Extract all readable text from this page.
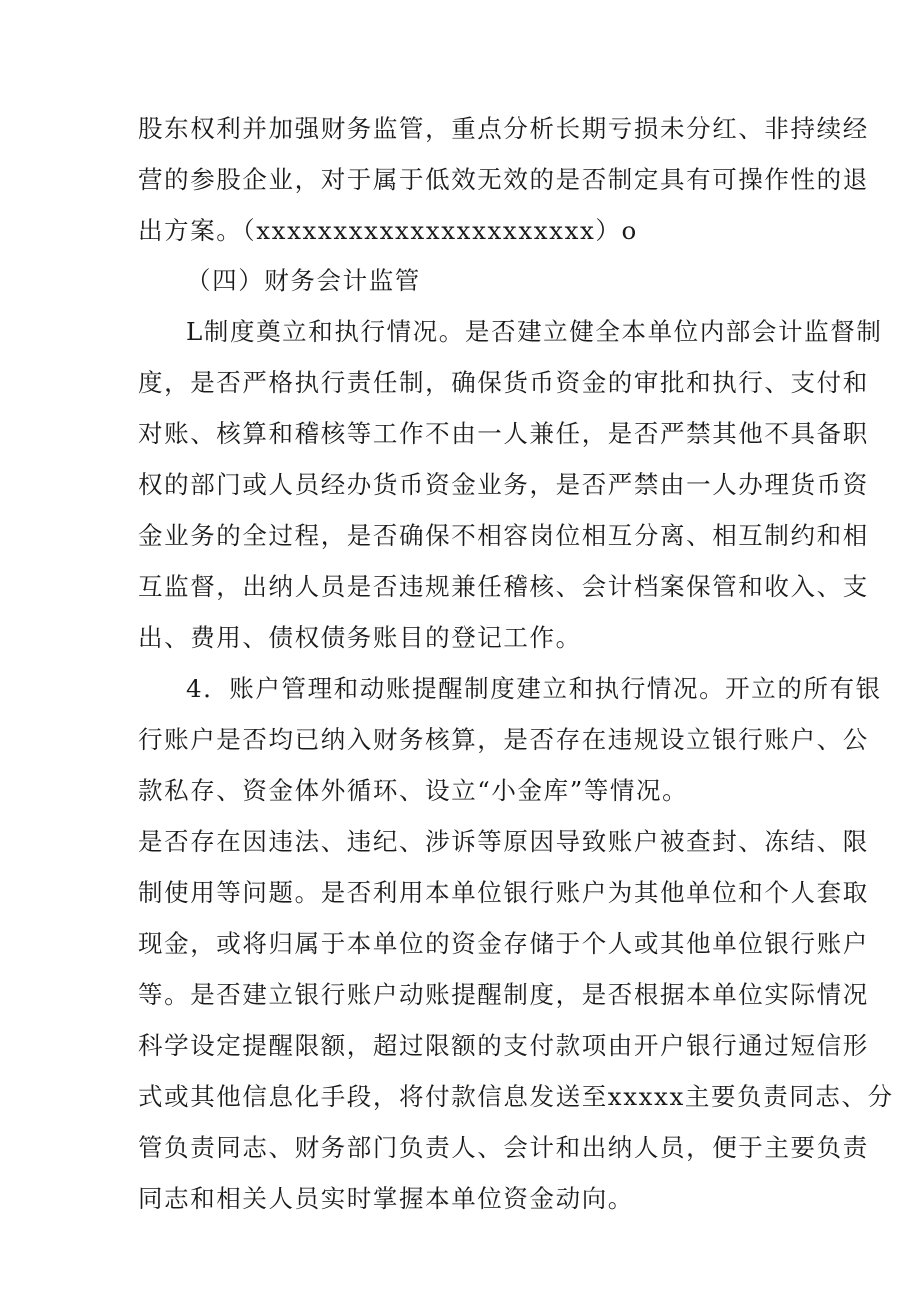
股东权利并加强财务监管，重点分析长期亏损未分红、非持续经
营的参股企业，对于属于低效无效的是否制定具有可操作性的退
出方案。（xxxxxxxxxxxxxxxxxxxxxx）o
（四）财务会计监管
L制度奠立和执行情况。是否建立健全本单位内部会计监督制
度，是否严格执行责任制，确保货币资金的审批和执行、支付和
对账、核算和稽核等工作不由一人兼任，是否严禁其他不具备职
权的部门或人员经办货币资金业务，是否严禁由一人办理货币资
金业务的全过程，是否确保不相容岗位相互分离、相互制约和相
互监督，出纳人员是否违规兼任稽核、会计档案保管和收入、支
出、费用、债权债务账目的登记工作。
4．账户管理和动账提醒制度建立和执行情况。开立的所有银
行账户是否均已纳入财务核算，是否存在违规设立银行账户、公
款私存、资金体外循环、设立“小金库”等情况。
是否存在因违法、违纪、涉诉等原因导致账户被查封、冻结、限
制使用等问题。是否利用本单位银行账户为其他单位和个人套取
现金，或将归属于本单位的资金存储于个人或其他单位银行账户
等。是否建立银行账户动账提醒制度，是否根据本单位实际情况
科学设定提醒限额，超过限额的支付款项由开户银行通过短信形
式或其他信息化手段，将付款信息发送至xxxxx主要负责同志、分
管负责同志、财务部门负责人、会计和出纳人员，便于主要负责
同志和相关人员实时掌握本单位资金动向。
